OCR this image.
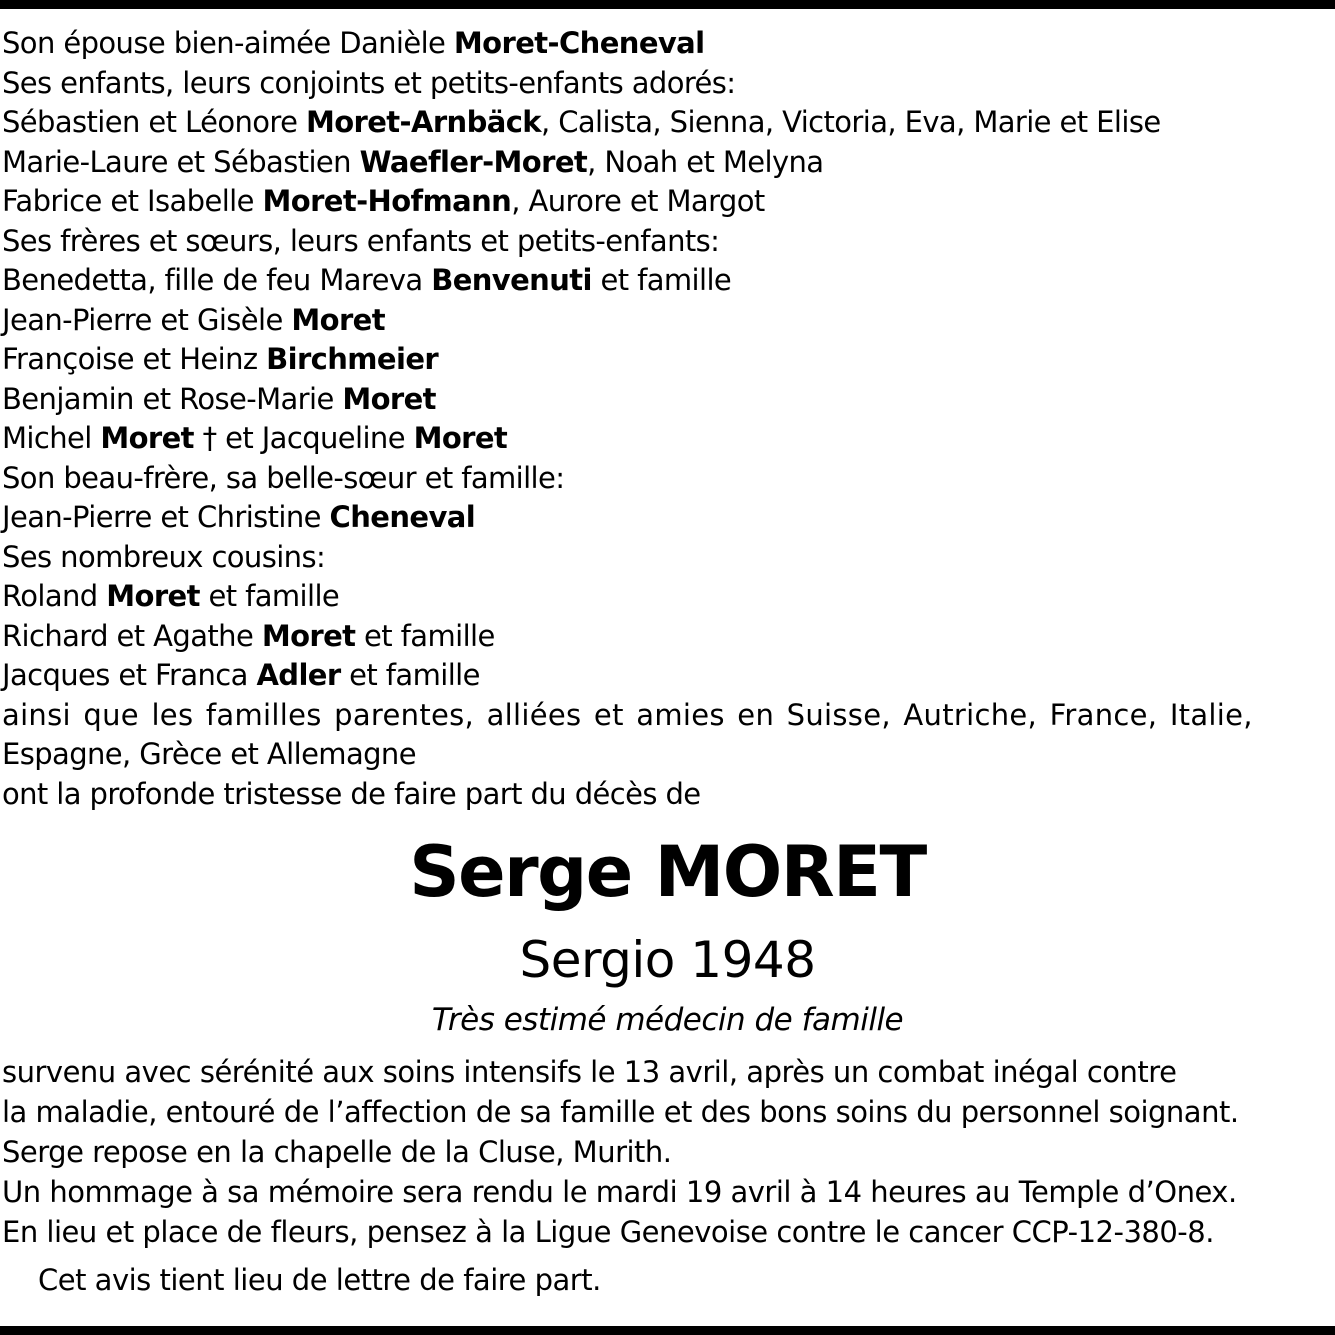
Son épouse bien-aimée Danièle Moret-Cheneval
Ses enfants, leurs conjoints et petits-enfants adorés:
Sébastien et Léonore Moret-Arnbäck, Calista, Sienna, Victoria, Eva, Marie et Elise
Marie-Laure et Sébastien Waefler-Moret, Noah et Melyna
Fabrice et Isabelle Moret-Hofmann, Aurore et Margot
Ses frères et sœurs, leurs enfants et petits-enfants:
Benedetta, fille de feu Mareva Benvenuti et famille
Jean-Pierre et Gisèle Moret
Françoise et Heinz Birchmeier
Benjamin et Rose-Marie Moret
Michel Moret † et Jacqueline Moret
Son beau-frère, sa belle-sœur et famille:
Jean-Pierre et Christine Cheneval
Ses nombreux cousins:
Roland Moret et famille
Richard et Agathe Moret et famille
Jacques et Franca Adler et famille
ainsi que les familles parentes, alliées et amies en Suisse, Autriche, France, Italie,
Espagne, Grèce et Allemagne
ont la profonde tristesse de faire part du décès de
Serge MORET
Sergio 1948
Très estimé médecin de famille
survenu avec sérénité aux soins intensifs le 13 avril, après un combat inégal contre
la maladie, entouré de l’affection de sa famille et des bons soins du personnel soignant.
Serge repose en la chapelle de la Cluse, Murith.
Un hommage à sa mémoire sera rendu le mardi 19 avril à 14 heures au Temple d’Onex.
En lieu et place de fleurs, pensez à la Ligue Genevoise contre le cancer CCP-12-380-8.
Cet avis tient lieu de lettre de faire part.
